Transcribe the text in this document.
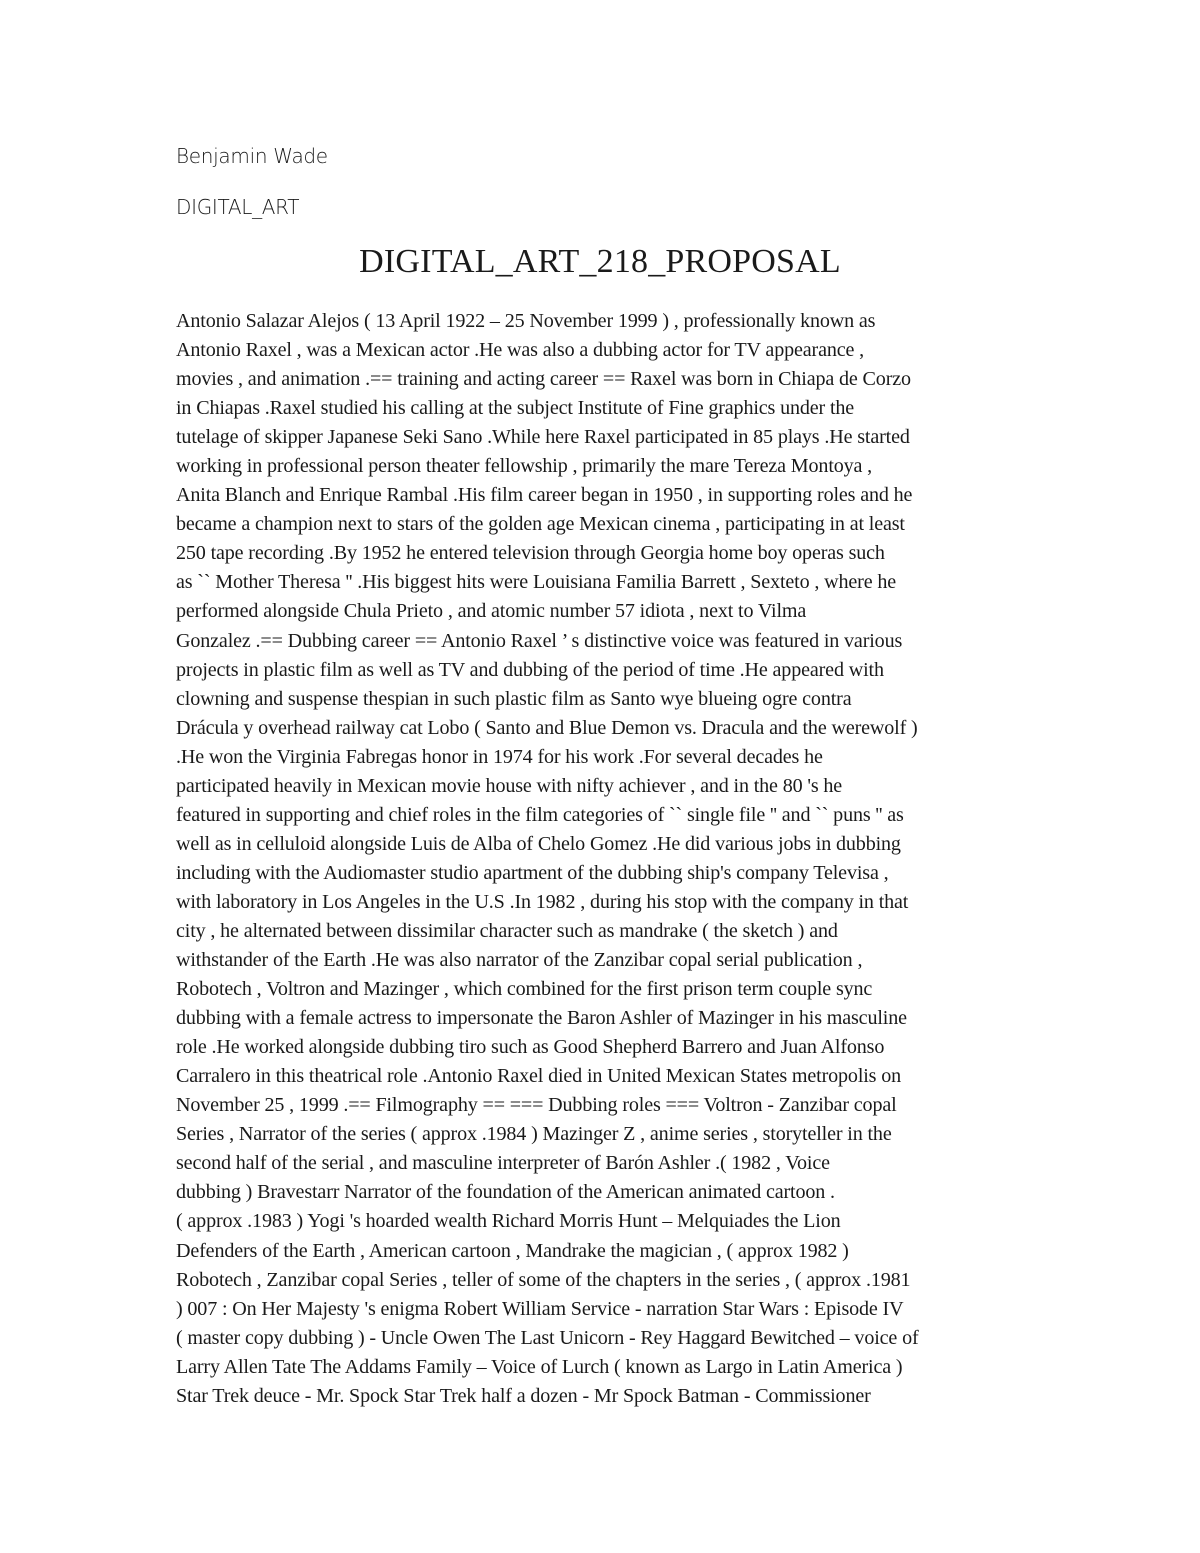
Benjamin Wade

DIGITAL_ART

DIGITAL_ART_218_PROPOSAL
Antonio Salazar Alejos ( 13 April 1922 – 25 November 1999 ) , professionally known as
Antonio Raxel , was a Mexican actor .He was also a dubbing actor for TV appearance ,
movies , and animation .== training and acting career == Raxel was born in Chiapa de Corzo
in Chiapas .Raxel studied his calling at the subject Institute of Fine graphics under the
tutelage of skipper Japanese Seki Sano .While here Raxel participated in 85 plays .He started
working in professional person theater fellowship , primarily the mare Tereza Montoya ,
Anita Blanch and Enrique Rambal .His film career began in 1950 , in supporting roles and he
became a champion next to stars of the golden age Mexican cinema , participating in at least
250 tape recording .By 1952 he entered television through Georgia home boy operas such
as `` Mother Theresa '' .His biggest hits were Louisiana Familia Barrett , Sexteto , where he
performed alongside Chula Prieto , and atomic number 57 idiota , next to Vilma
Gonzalez .== Dubbing career == Antonio Raxel ’ s distinctive voice was featured in various
projects in plastic film as well as TV and dubbing of the period of time .He appeared with
clowning and suspense thespian in such plastic film as Santo wye blueing ogre contra
Drácula y overhead railway cat Lobo ( Santo and Blue Demon vs. Dracula and the werewolf )
.He won the Virginia Fabregas honor in 1974 for his work .For several decades he
participated heavily in Mexican movie house with nifty achiever , and in the 80 's he
featured in supporting and chief roles in the film categories of `` single file '' and `` puns '' as
well as in celluloid alongside Luis de Alba of Chelo Gomez .He did various jobs in dubbing
including with the Audiomaster studio apartment of the dubbing ship's company Televisa ,
with laboratory in Los Angeles in the U.S .In 1982 , during his stop with the company in that
city , he alternated between dissimilar character such as mandrake ( the sketch ) and
withstander of the Earth .He was also narrator of the Zanzibar copal serial publication ,
Robotech , Voltron and Mazinger , which combined for the first prison term couple sync
dubbing with a female actress to impersonate the Baron Ashler of Mazinger in his masculine
role .He worked alongside dubbing tiro such as Good Shepherd Barrero and Juan Alfonso
Carralero in this theatrical role .Antonio Raxel died in United Mexican States metropolis on
November 25 , 1999 .== Filmography == === Dubbing roles === Voltron - Zanzibar copal
Series , Narrator of the series ( approx .1984 ) Mazinger Z , anime series , storyteller in the
second half of the serial , and masculine interpreter of Barón Ashler .( 1982 , Voice
dubbing ) Bravestarr Narrator of the foundation of the American animated cartoon .
( approx .1983 ) Yogi 's hoarded wealth Richard Morris Hunt – Melquiades the Lion
Defenders of the Earth , American cartoon , Mandrake the magician , ( approx 1982 )
Robotech , Zanzibar copal Series , teller of some of the chapters in the series , ( approx .1981
) 007 : On Her Majesty 's enigma Robert William Service - narration Star Wars : Episode IV
( master copy dubbing ) - Uncle Owen The Last Unicorn - Rey Haggard Bewitched – voice of
Larry Allen Tate The Addams Family – Voice of Lurch ( known as Largo in Latin America )
Star Trek deuce - Mr. Spock Star Trek half a dozen - Mr Spock Batman - Commissioner
